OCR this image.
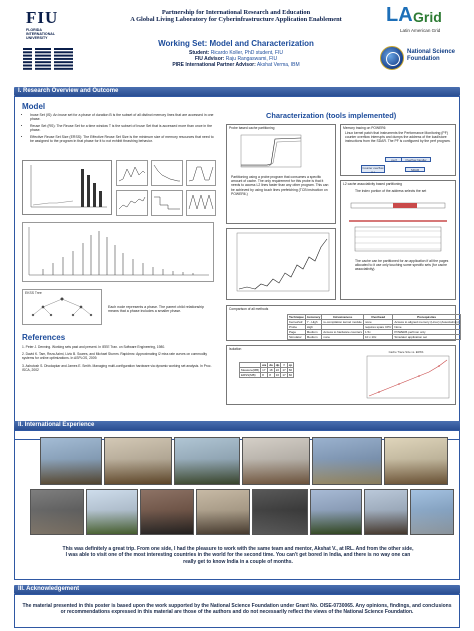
FIU
FLORIDA
INTERNATIONAL
UNIVERSITY
Partnership for International Research and Education
A Global Living Laboratory for Cyberinfrastructure Application Enablement
Working Set: Model and Characterization
Student: Ricardo Koller, PhD student, FIU
FIU Advisor: Raju Rangaswami, FIU
PIRE International Partner Advisor: Akshat Verma, IBM
LA Grid
Latin American Grid
National Science
Foundation
I. Research Overview and Outcome
Model
• Inuse Set (IS): An inuse set for a phase of duration B is the subset of all distinct memory lines that are accessed in one phase.
• Reuse Set (RS): The Reuse Set for a time window T is the subset of Inuse Set that is accessed more than once in the phase.
• Effective Reuse Set Size (ERSS): The Effective Reuse Set Size is the minimum size of memory resources that need to be assigned to the program in that phase for it to not exhibit thrashing behavior.
EKSS Tree
Each node represents a phase. The parent child relationship means that a phase includes a smaller phase.
References

1. Peter J. Denning. Working sets past and present. In IEEE Tran. on Software Engineering, 1980.

2. David K. Tam, Reza Azimi, Livio B. Soares, and Michael Stumm. Rapidmrc: Approximating l2 miss rate curves on commodity systems for online optimizations. In ASPLOS, 2009.

3. Ashutosh S. Dhodapkar and James E. Smith. Managing multi-configuration hardware via dynamic working set analysis. In Proc. ISCA, 2002

Characterization (tools implemented)
Probe based cache partitioning
Partitioning using a probe program that consumes a specific amount of cache. The only requirement for this probe is that it needs to access L2 lines faster than any other program. This can be achieved by using touch lines prefetching (TCB instruction on POWER6.)
Memory tracing on POWER6
Linux kernel patch that instruments the Performance Monitoring (PF) counter overflow interrupts and dumps the address of the load/store instructions from the SDAR. The PF is configured by the perf program.
perf
Counter overflow in t
Overflow handler
SDAR
L2 cache associativity based partitioning
The index portion of the address selects the set
The cache can be partitioned for an application if all the pages allocated to it use only touching some specific sets (for cache associativity).
Comparison of all methods
Technique	Accuracy	Intrusiveness	Overhead	Prerequisites
Kernel/sdr	Y - High	re-compilation kernel module	none	Access to aligned memory (Linux) (Associativity)
Probe	High		requires spare CPU	None
Page	Medium	Access to hardware counters	1.5x	POWER6 perfmon only
Simulator	Medium	none	10 x 10x	Simulator application set
Isolation
	wa	da	dp	f	cp
Measure(MB)	17	18	22	17	60
ERSS(MB)	8	8	16	17	60
Cache Trace Size vs. ERSS
II. International Experience
This was definitely a great trip. From one side, I had the pleasure to work with the same team and mentor, Akshat V., at IRL. And from the other side, I was able to visit one of the most interesting countries in the world for the second time. You can't get bored in India, and there is no way one can really get to know India in a couple of months.
III. Acknowledgement
The material presented in this poster is based upon the work supported by the National Science Foundation under Grant No. OISE-0730065. Any opinions, findings, and conclusions or recommendations expressed in this material are those of the authors and do not necessarily reflect the views of the National Science Foundation.
